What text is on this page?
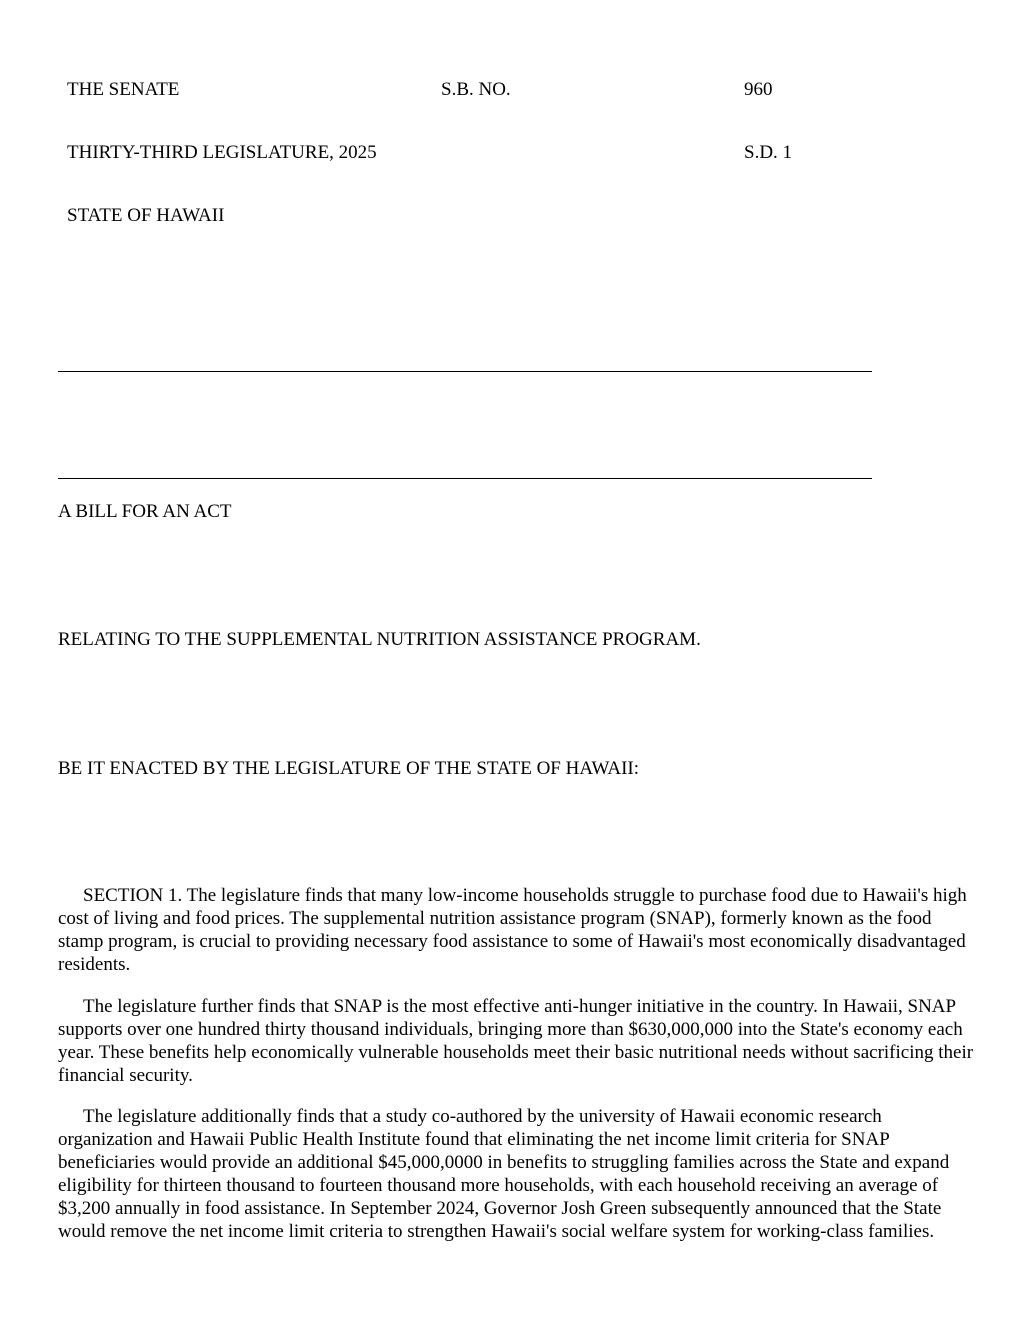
THE SENATE	S.B. NO.	960
THIRTY-THIRD LEGISLATURE, 2025	S.D. 1
STATE OF HAWAII
A BILL FOR AN ACT
RELATING TO THE SUPPLEMENTAL NUTRITION ASSISTANCE PROGRAM.
BE IT ENACTED BY THE LEGISLATURE OF THE STATE OF HAWAII:

SECTION 1. The legislature finds that many low-income households struggle to purchase food due to Hawaii's high cost of living and food prices. The supplemental nutrition assistance program (SNAP), formerly known as the food stamp program, is crucial to providing necessary food assistance to some of Hawaii's most economically disadvantaged residents.

The legislature further finds that SNAP is the most effective anti-hunger initiative in the country. In Hawaii, SNAP supports over one hundred thirty thousand individuals, bringing more than $630,000,000 into the State's economy each year. These benefits help economically vulnerable households meet their basic nutritional needs without sacrificing their financial security.

The legislature additionally finds that a study co-authored by the university of Hawaii economic research organization and Hawaii Public Health Institute found that eliminating the net income limit criteria for SNAP beneficiaries would provide an additional $45,000,0000 in benefits to struggling families across the State and expand eligibility for thirteen thousand to fourteen thousand more households, with each household receiving an average of $3,200 annually in food assistance. In September 2024, Governor Josh Green subsequently announced that the State would remove the net income limit criteria to strengthen Hawaii's social welfare system for working-class families.
